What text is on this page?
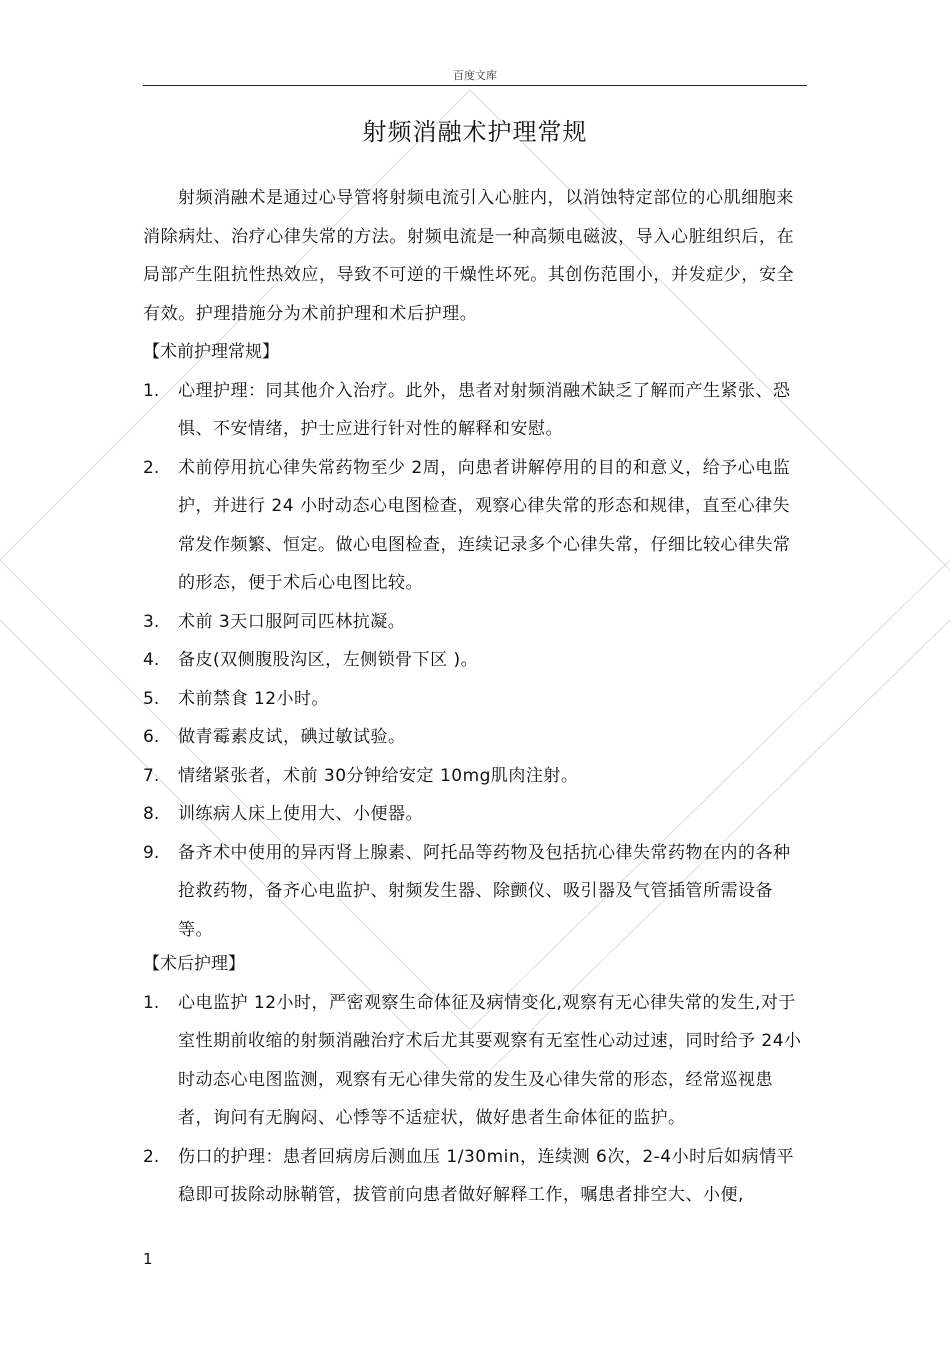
百度文库
射频消融术护理常规

射频消融术是通过心导管将射频电流引入心脏内，以消蚀特定部位的心肌细胞来消除病灶、治疗心律失常的方法。射频电流是一种高频电磁波，导入心脏组织后，在局部产生阻抗性热效应，导致不可逆的干燥性坏死。其创伤范围小，并发症少，安全有效。护理措施分为术前护理和术后护理。

【术前护理常规】
1.	心理护理：同其他介入治疗。此外，患者对射频消融术缺乏了解而产生紧张、恐惧、不安情绪，护士应进行针对性的解释和安慰。
2.	术前停用抗心律失常药物至少 2周，向患者讲解停用的目的和意义，给予心电监护，并进行 24 小时动态心电图检查，观察心律失常的形态和规律，直至心律失常发作频繁、恒定。做心电图检查，连续记录多个心律失常，仔细比较心律失常的形态，便于术后心电图比较。
3.	术前 3天口服阿司匹林抗凝。
4.	备皮(双侧腹股沟区，左侧锁骨下区 )。
5.	术前禁食 12小时。
6.	做青霉素皮试，碘过敏试验。
7.	情绪紧张者，术前 30分钟给安定 10mg肌肉注射。
8.	训练病人床上使用大、小便器。
9.	备齐术中使用的异丙肾上腺素、阿托品等药物及包括抗心律失常药物在内的各种抢救药物，备齐心电监护、射频发生器、除颤仪、吸引器及气管插管所需设备等。
【术后护理】
1.	心电监护 12小时，严密观察生命体征及病情变化,观察有无心律失常的发生,对于室性期前收缩的射频消融治疗术后尤其要观察有无室性心动过速，同时给予 24小时动态心电图监测，观察有无心律失常的发生及心律失常的形态，经常巡视患者，询问有无胸闷、心悸等不适症状，做好患者生命体征的监护。
2.	伤口的护理：患者回病房后测血压 1/30min，连续测 6次，2-4小时后如病情平稳即可拔除动脉鞘管，拔管前向患者做好解释工作，嘱患者排空大、小便,
1
